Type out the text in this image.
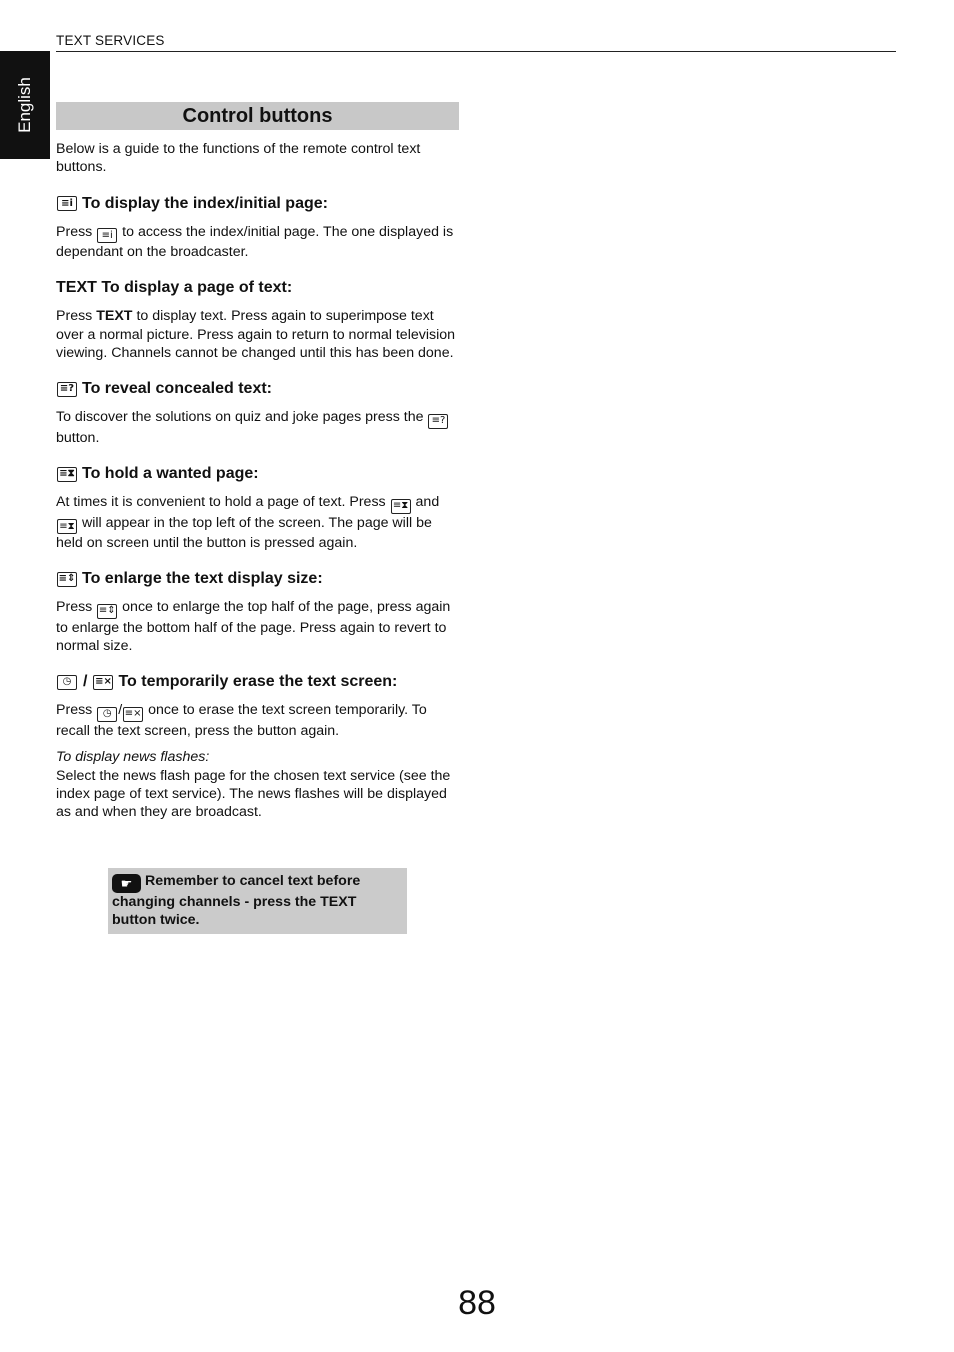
TEXT SERVICES
English	Control buttons

Below is a guide to the functions of the remote control text buttons.

≡i To display the index/initial page:

Press ≡i to access the index/initial page. The one displayed is dependant on the broadcaster.

TEXT To display a page of text:

Press TEXT to display text. Press again to superimpose text over a normal picture. Press again to return to normal television viewing. Channels cannot be changed until this has been done.

≡? To reveal concealed text:

To discover the solutions on quiz and joke pages press the ≡? button.

≡⧗ To hold a wanted page:

At times it is convenient to hold a page of text. Press ≡⧗ and ≡⧗ will appear in the top left of the screen. The page will be held on screen until the button is pressed again.

≡⇕ To enlarge the text display size:

Press ≡⇕ once to enlarge the top half of the page, press again to enlarge the bottom half of the page. Press again to revert to normal size.

◷ / ≡× To temporarily erase the text screen:

Press ◷ / ≡× once to erase the text screen temporarily. To recall the text screen, press the button again.

To display news flashes:

Select the news flash page for the chosen text service (see the index page of text service). The news flashes will be displayed as and when they are broadcast.

☛ Remember to cancel text before changing channels - press the TEXT button twice.
88
